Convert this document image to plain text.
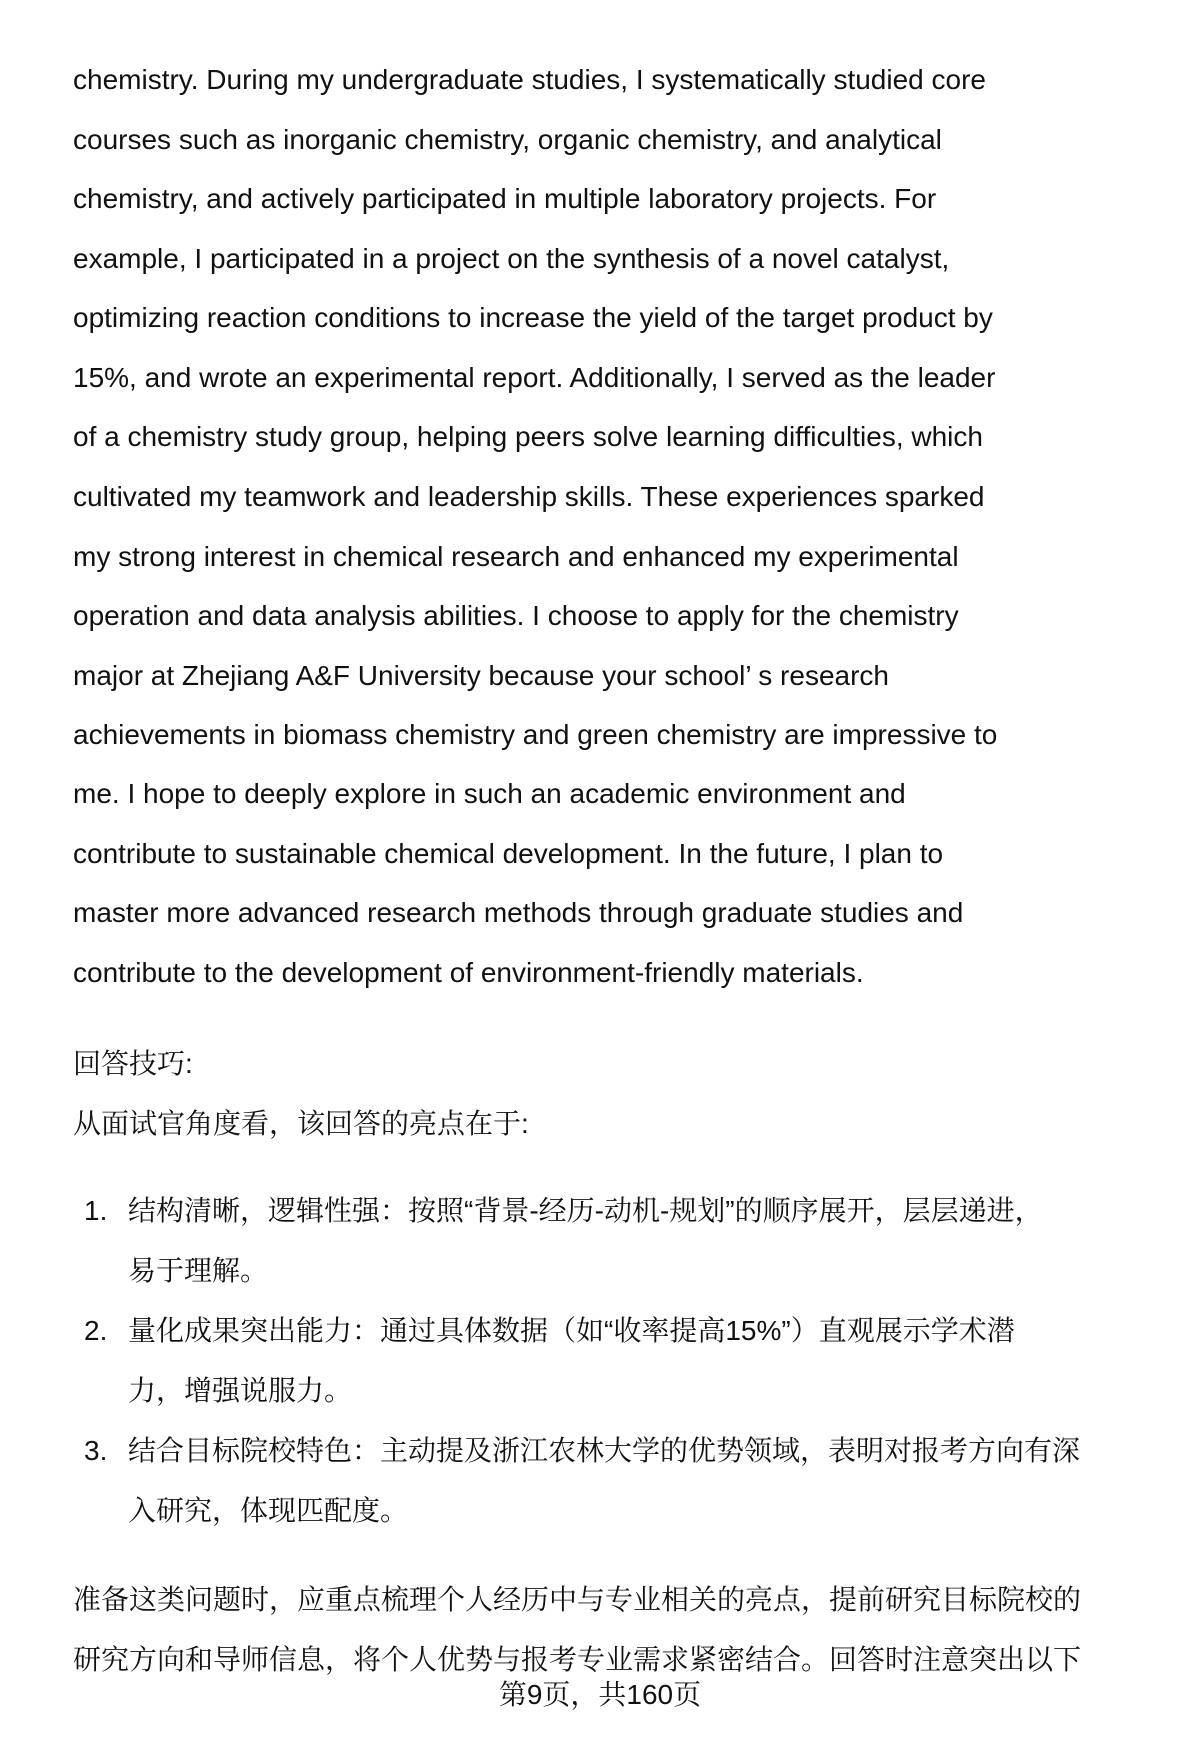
chemistry. During my undergraduate studies, I systematically studied core
courses such as inorganic chemistry, organic chemistry, and analytical
chemistry, and actively participated in multiple laboratory projects. For
example, I participated in a project on the synthesis of a novel catalyst,
optimizing reaction conditions to increase the yield of the target product by
15%, and wrote an experimental report. Additionally, I served as the leader
of a chemistry study group, helping peers solve learning difficulties, which
cultivated my teamwork and leadership skills. These experiences sparked
my strong interest in chemical research and enhanced my experimental
operation and data analysis abilities. I choose to apply for the chemistry
major at Zhejiang A&F University because your school’ s research
achievements in biomass chemistry and green chemistry are impressive to
me. I hope to deeply explore in such an academic environment and
contribute to sustainable chemical development. In the future, I plan to
master more advanced research methods through graduate studies and
contribute to the development of environment-friendly materials.
回答技巧:
从面试官角度看，该回答的亮点在于:
1. 结构清晰，逻辑性强：按照“背景-经历-动机-规划”的顺序展开，层层递进，
易于理解。
2. 量化成果突出能力：通过具体数据（如“收率提高15%”）直观展示学术潜
力，增强说服力。
3. 结合目标院校特色：主动提及浙江农林大学的优势领域，表明对报考方向有深
入研究，体现匹配度。
准备这类问题时，应重点梳理个人经历中与专业相关的亮点，提前研究目标院校的
研究方向和导师信息，将个人优势与报考专业需求紧密结合。回答时注意突出以下
第9页，共160页
